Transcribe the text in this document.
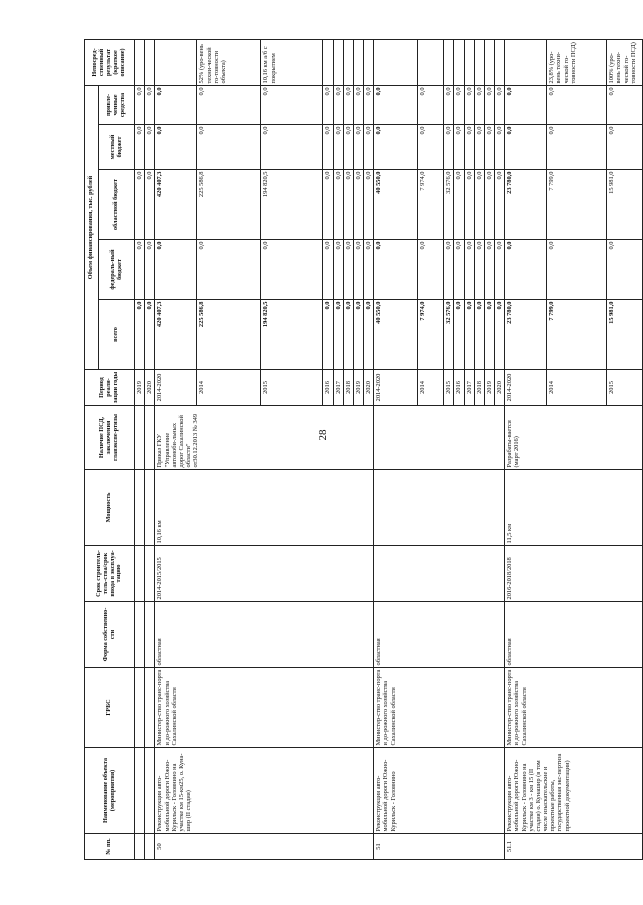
28
№ пп.	Наименование объекта (мероприятия)	ГРБС	Форма собственно-сти	Срок строитель-тель-ства/срок ввода в эксплуа-тацию	Мощность	Наличие ПСД, заключения главэкспе-ртизы	Период реали-зации годы	Объем финансирования, тыс. рублей					Непосред-ственный результат (краткое описание)
								всего	федераль-ный бюджет	областной бюджет	местный бюджет	привле-ченные средства	
							2019	0,0	0,0	0,0	0,0	0,0	
							2020	0,0	0,0	0,0	0,0	0,0	
50	Реконструкция авто-мобильной дороги Южно-Курильск - Головнино на участке км 15-км25, о. Куна-шир (II стадия)	Министер-ство транс-порта и до-рожного хозяйства Сахалинской области	областная	2014-2015/2015	10,16 км	Приказ ГКУ "Управление автомоби-льных дорог Сахалинской области" от30.12.2013 № 349	2014-2020	420 407,3	0,0	420 407,3	0,0	0,0	
							2014	225 586,8	0,0	225 586,8	0,0	0,0	52% (уро-вень техни-ческой го-товности объекта)
							2015	194 820,5	0,0	194 820,5	0,0	0,0	10,16 км а/б с покрытием
							2016	0,0	0,0	0,0	0,0	0,0	
							2017	0,0	0,0	0,0	0,0	0,0	
							2018	0,0	0,0	0,0	0,0	0,0	
							2019	0,0	0,0	0,0	0,0	0,0	
							2020	0,0	0,0	0,0	0,0	0,0	
51	Реконструкция авто-мобильной дороги Южно-Курильск - Головнино	Министер-ство транс-порта и до-рожного хозяйства Сахалинской области	областная				2014-2020	40 550,0	0,0	40 550,0	0,0	0,0	
							2014	7 974,0	0,0	7 974,0	0,0	0,0	
							2015	32 576,0	0,0	32 576,0	0,0	0,0	
							2016	0,0	0,0	0,0	0,0	0,0	
							2017	0,0	0,0	0,0	0,0	0,0	
							2018	0,0	0,0	0,0	0,0	0,0	
							2019	0,0	0,0	0,0	0,0	0,0	
							2020	0,0	0,0	0,0	0,0	0,0	
51.1	Реконструкция авто-мобильной дороги Южно-Курильск - Головнино на участке км 3 - км 15 (II стадия) о. Кунашир (в том числе изыскательские и проектные работы, государственная экс-пертиза проектной документации)	Министер-ство транс-порта и до-рожного хозяйства Сахалинской области	областная	2016-2018/2018	11,5 км	Разрабаты-вается (март 2016)	2014-2020	23 780,0	0,0	23 780,0	0,0	0,0	
							2014	7 799,0	0,0	7 799,0	0,0	0,0	23,8% (уро-вень техни-ческой го-товности ПСД)
							2015	15 981,0	0,0	15 981,0	0,0	0,0	100% (уро-вень техни-ческой го-товности ПСД)
